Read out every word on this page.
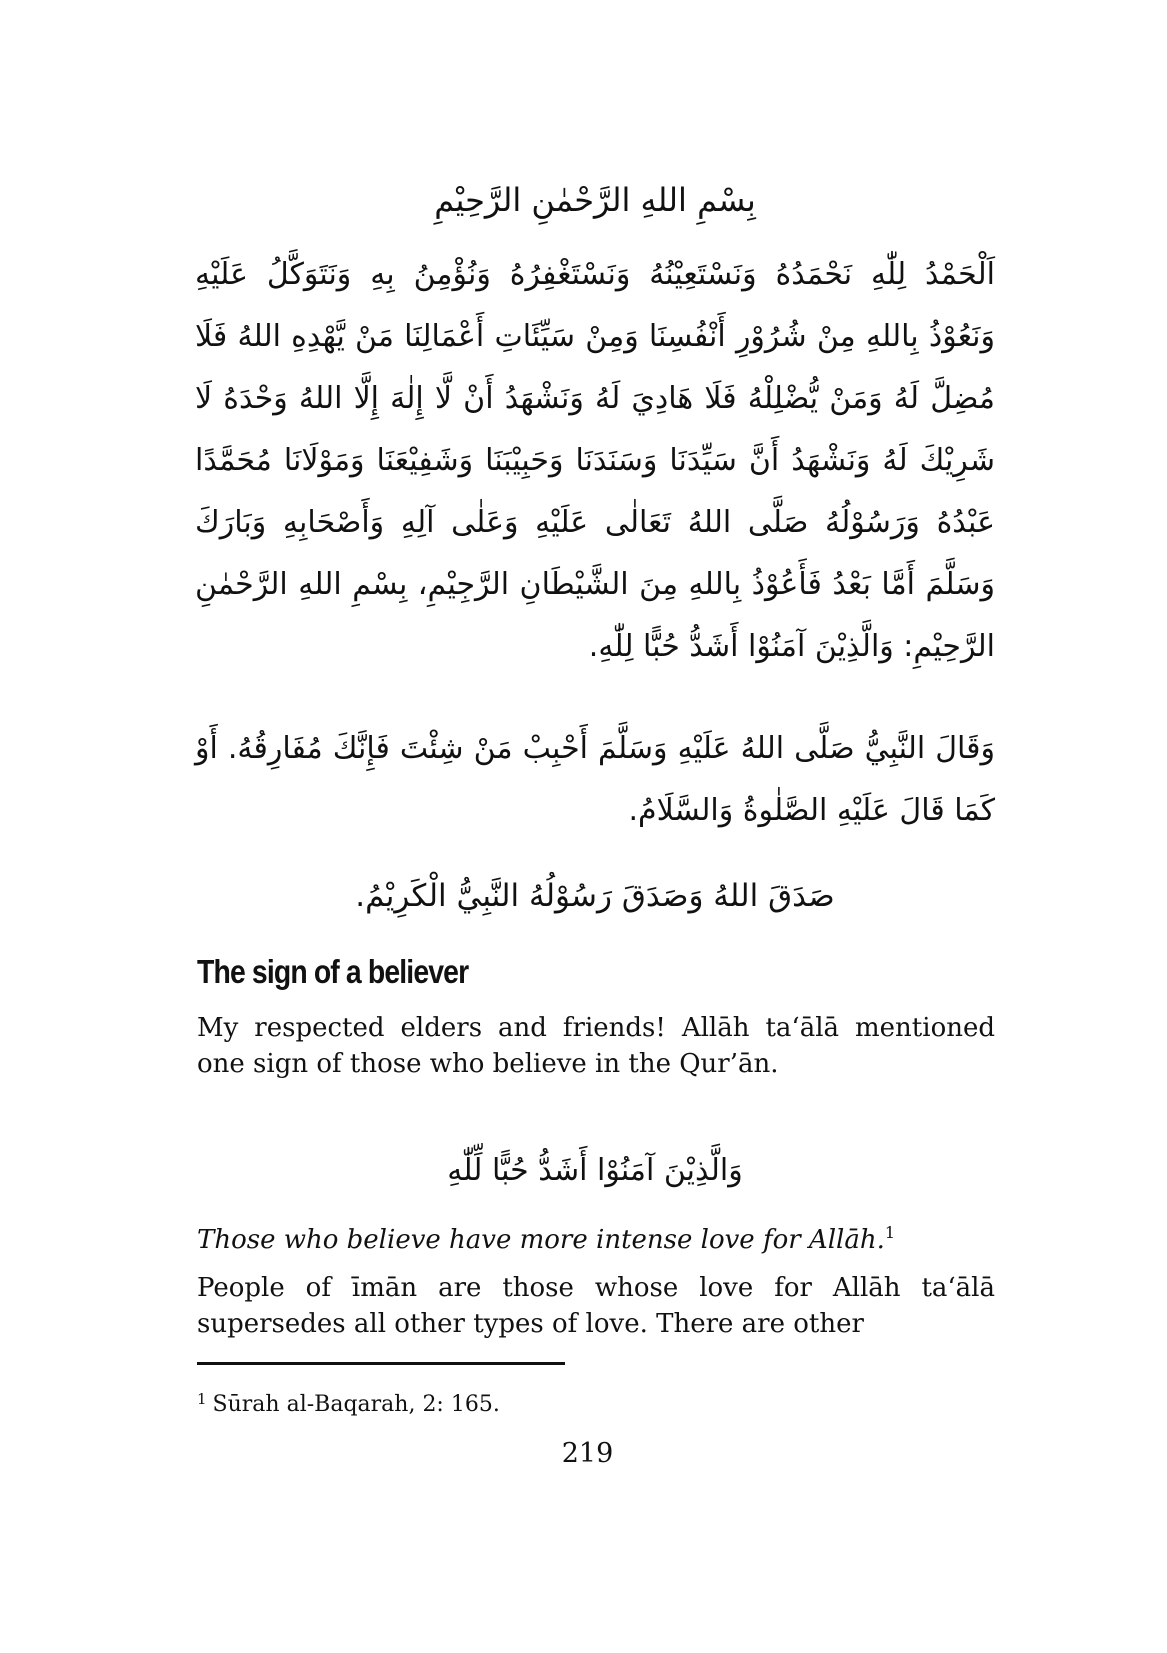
بِسْمِ اللهِ الرَّحْمٰنِ الرَّحِيْمِ
اَلْحَمْدُ لِلّٰهِ نَحْمَدُهُ وَنَسْتَعِيْنُهُ وَنَسْتَغْفِرُهُ وَنُؤْمِنُ بِهِ وَنَتَوَكَّلُ عَلَيْهِ وَنَعُوْذُ بِاللهِ مِنْ شُرُوْرِ أَنْفُسِنَا وَمِنْ سَيِّئَاتِ أَعْمَالِنَا مَنْ يَّهْدِهِ اللهُ فَلَا مُضِلَّ لَهُ وَمَنْ يُّضْلِلْهُ فَلَا هَادِيَ لَهُ وَنَشْهَدُ أَنْ لَّا إِلٰهَ إِلَّا اللهُ وَحْدَهُ لَا شَرِيْكَ لَهُ وَنَشْهَدُ أَنَّ سَيِّدَنَا وَسَنَدَنَا وَحَبِيْبَنَا وَشَفِيْعَنَا وَمَوْلَانَا مُحَمَّدًا عَبْدُهُ وَرَسُوْلُهُ صَلَّى اللهُ تَعَالٰى عَلَيْهِ وَعَلٰى آلِهِ وَأَصْحَابِهِ وَبَارَكَ وَسَلَّمَ أَمَّا بَعْدُ فَأَعُوْذُ بِاللهِ مِنَ الشَّيْطَانِ الرَّجِيْمِ، بِسْمِ اللهِ الرَّحْمٰنِ الرَّحِيْمِ: وَالَّذِيْنَ آمَنُوْا أَشَدُّ حُبًّا لِلّٰهِ.
وَقَالَ النَّبِيُّ صَلَّى اللهُ عَلَيْهِ وَسَلَّمَ أَحْبِبْ مَنْ شِئْتَ فَإِنَّكَ مُفَارِقُهُ. أَوْ كَمَا قَالَ عَلَيْهِ الصَّلٰوةُ وَالسَّلَامُ.
صَدَقَ اللهُ وَصَدَقَ رَسُوْلُهُ النَّبِيُّ الْكَرِيْمُ.
The sign of a believer
My respected elders and friends! Allāh ta‘ālā mentioned one sign of those who believe in the Qur’ān.
وَالَّذِيْنَ آمَنُوْا أَشَدُّ حُبًّا لِّلّٰهِ
Those who believe have more intense love for Allāh.$^1$
People of īmān are those whose love for Allāh ta‘ālā supersedes all other types of love. There are other
$^1$ Sūrah al-Baqarah, 2: 165.
219
